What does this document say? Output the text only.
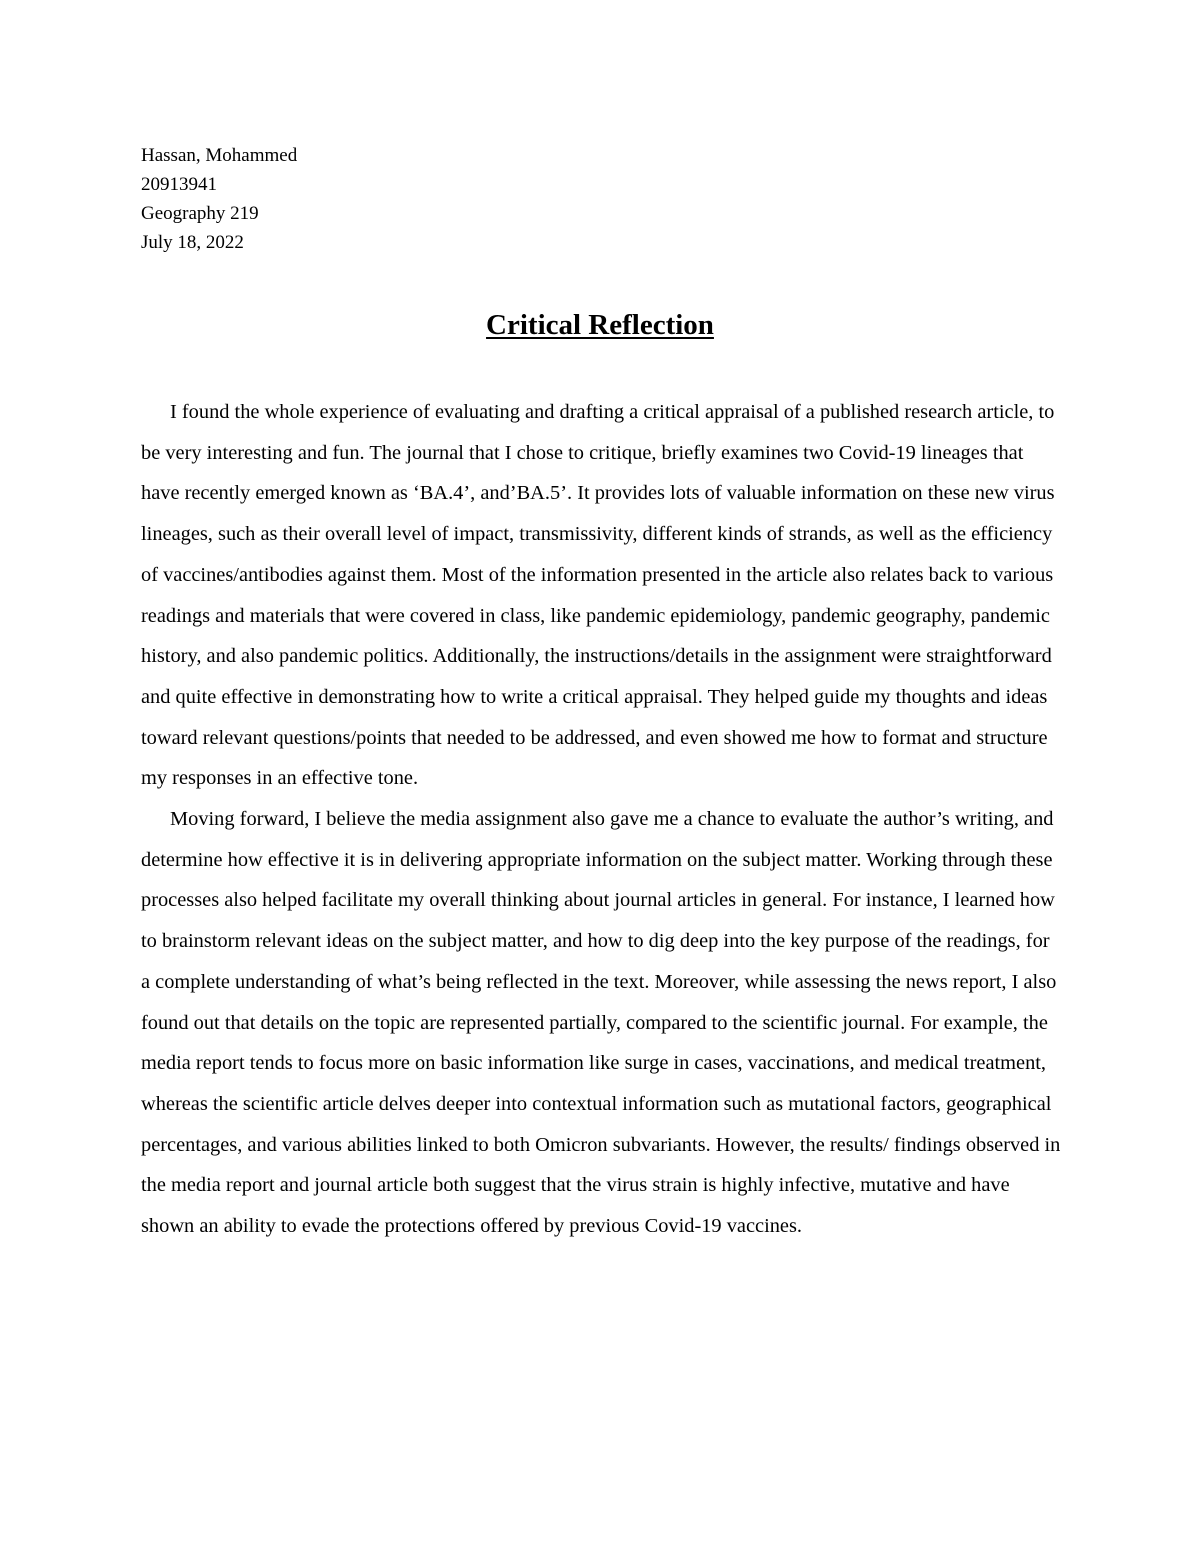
Hassan, Mohammed
20913941
Geography 219
July 18, 2022
Critical Reflection

I found the whole experience of evaluating and drafting a critical appraisal of a published research article, to be very interesting and fun. The journal that I chose to critique, briefly examines two Covid-19 lineages that have recently emerged known as ‘BA.4’, and’BA.5’. It provides lots of valuable information on these new virus lineages, such as their overall level of impact, transmissivity, different kinds of strands, as well as the efficiency of vaccines/antibodies against them. Most of the information presented in the article also relates back to various readings and materials that were covered in class, like pandemic epidemiology, pandemic geography, pandemic history, and also pandemic politics. Additionally, the instructions/details in the assignment were straightforward and quite effective in demonstrating how to write a critical appraisal. They helped guide my thoughts and ideas toward relevant questions/points that needed to be addressed, and even showed me how to format and structure my responses in an effective tone.

Moving forward, I believe the media assignment also gave me a chance to evaluate the author’s writing, and determine how effective it is in delivering appropriate information on the subject matter. Working through these processes also helped facilitate my overall thinking about journal articles in general. For instance, I learned how to brainstorm relevant ideas on the subject matter, and how to dig deep into the key purpose of the readings, for a complete understanding of what’s being reflected in the text. Moreover, while assessing the news report, I also found out that details on the topic are represented partially, compared to the scientific journal. For example, the media report tends to focus more on basic information like surge in cases, vaccinations, and medical treatment, whereas the scientific article delves deeper into contextual information such as mutational factors, geographical percentages, and various abilities linked to both Omicron subvariants. However, the results/ findings observed in the media report and journal article both suggest that the virus strain is highly infective, mutative and have shown an ability to evade the protections offered by previous Covid-19 vaccines.
